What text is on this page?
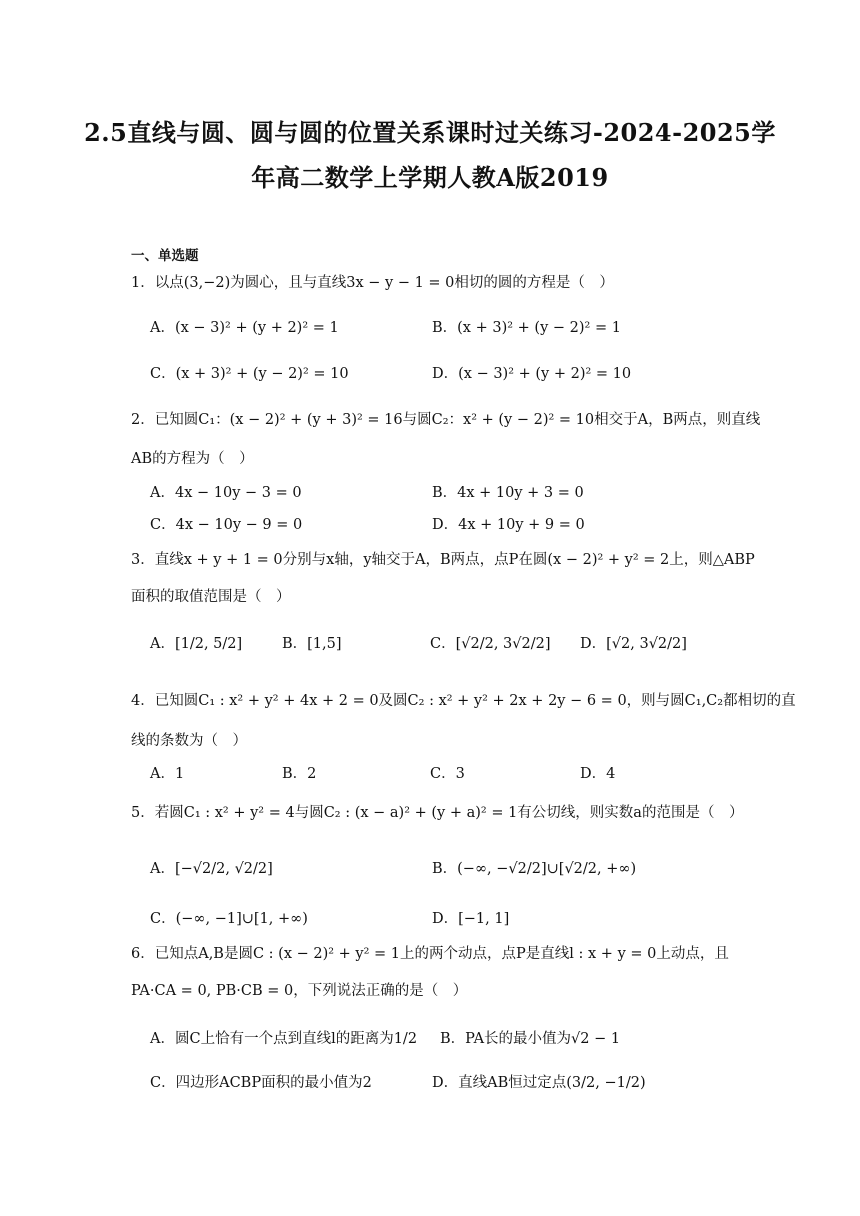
2.5直线与圆、圆与圆的位置关系课时过关练习-2024-2025学
年高二数学上学期人教A版2019
一、单选题
1．以点(3,−2)为圆心，且与直线3x − y − 1 = 0相切的圆的方程是（　）
A．(x − 3)² + (y + 2)² = 1	B．(x + 3)² + (y − 2)² = 1
C．(x + 3)² + (y − 2)² = 10	D．(x − 3)² + (y + 2)² = 10
2．已知圆C₁：(x − 2)² + (y + 3)² = 16与圆C₂：x² + (y − 2)² = 10相交于A，B两点，则直线
AB的方程为（　）
A．4x − 10y − 3 = 0	B．4x + 10y + 3 = 0
C．4x − 10y − 9 = 0	D．4x + 10y + 9 = 0
3．直线x + y + 1 = 0分别与x轴，y轴交于A，B两点，点P在圆(x − 2)² + y² = 2上，则△ABP
面积的取值范围是（　）
A．[1/2, 5/2]	B．[1,5]	C．[√2/2, 3√2/2] D．[√2, 3√2/2]
4．已知圆C₁ : x² + y² + 4x + 2 = 0及圆C₂ : x² + y² + 2x + 2y − 6 = 0，则与圆C₁,C₂都相切的直
线的条数为（　）
A．1	B．2	C．3	D．4
5．若圆C₁ : x² + y² = 4与圆C₂ : (x − a)² + (y + a)² = 1有公切线，则实数a的范围是（　）
A．[−√2/2, √2/2]	B．(−∞, −√2/2]∪[√2/2, +∞)
C．(−∞, −1]∪[1, +∞)	D．[−1, 1]
6．已知点A,B是圆C : (x − 2)² + y² = 1上的两个动点，点P是直线l : x + y = 0上动点，且
PA·CA = 0, PB·CB = 0，下列说法正确的是（　）
A．圆C上恰有一个点到直线l的距离为1/2 B．PA长的最小值为√2 − 1
C．四边形ACBP面积的最小值为2	D．直线AB恒过定点(3/2, −1/2)
